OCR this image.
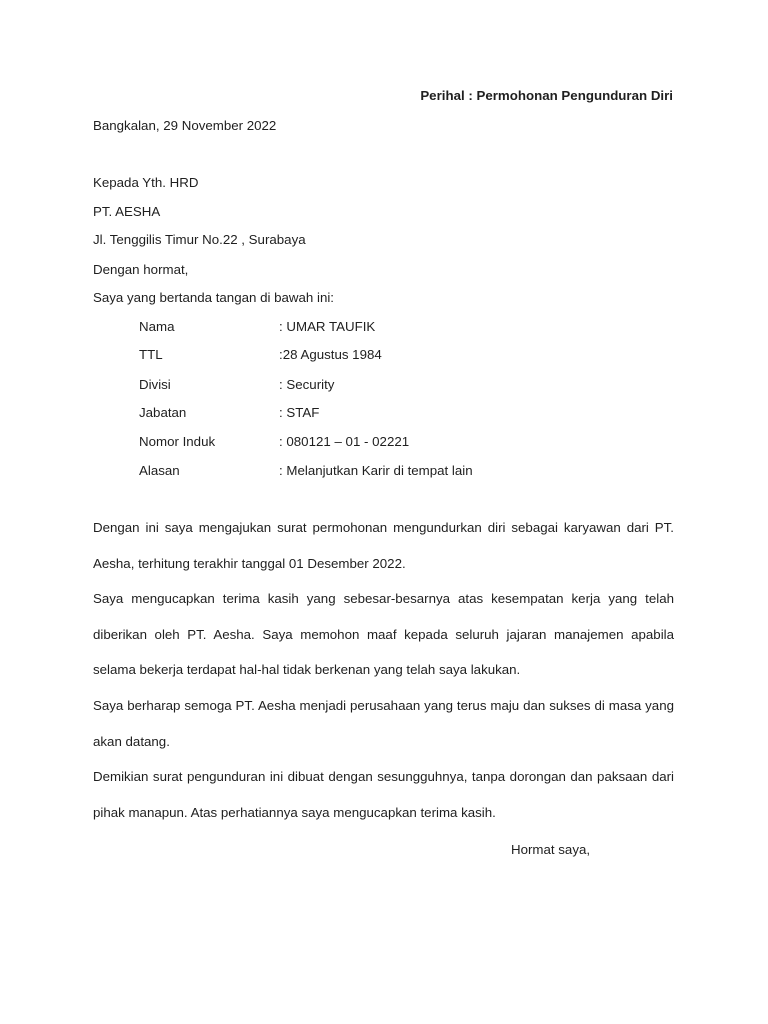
Perihal : Permohonan Pengunduran Diri
Bangkalan, 29 November 2022
Kepada Yth. HRD
PT. AESHA
Jl. Tenggilis Timur No.22 , Surabaya
Dengan hormat,
Saya yang bertanda tangan di bawah ini:
Nama	: UMAR TAUFIK
TTL	:28 Agustus 1984
Divisi	: Security
Jabatan	: STAF
Nomor Induk	: 080121 – 01 - 02221
Alasan	: Melanjutkan Karir di tempat lain
Dengan ini saya mengajukan surat permohonan mengundurkan diri sebagai karyawan dari PT. Aesha, terhitung terakhir tanggal 01 Desember 2022.
Saya mengucapkan terima kasih yang sebesar-besarnya atas kesempatan kerja yang telah diberikan oleh PT. Aesha. Saya memohon maaf kepada seluruh jajaran manajemen apabila selama bekerja terdapat hal-hal tidak berkenan yang telah saya lakukan.
Saya berharap semoga PT. Aesha menjadi perusahaan yang terus maju dan sukses di masa yang akan datang.
Demikian surat pengunduran ini dibuat dengan sesungguhnya, tanpa dorongan dan paksaan dari pihak manapun. Atas perhatiannya saya mengucapkan terima kasih.
Hormat saya,
